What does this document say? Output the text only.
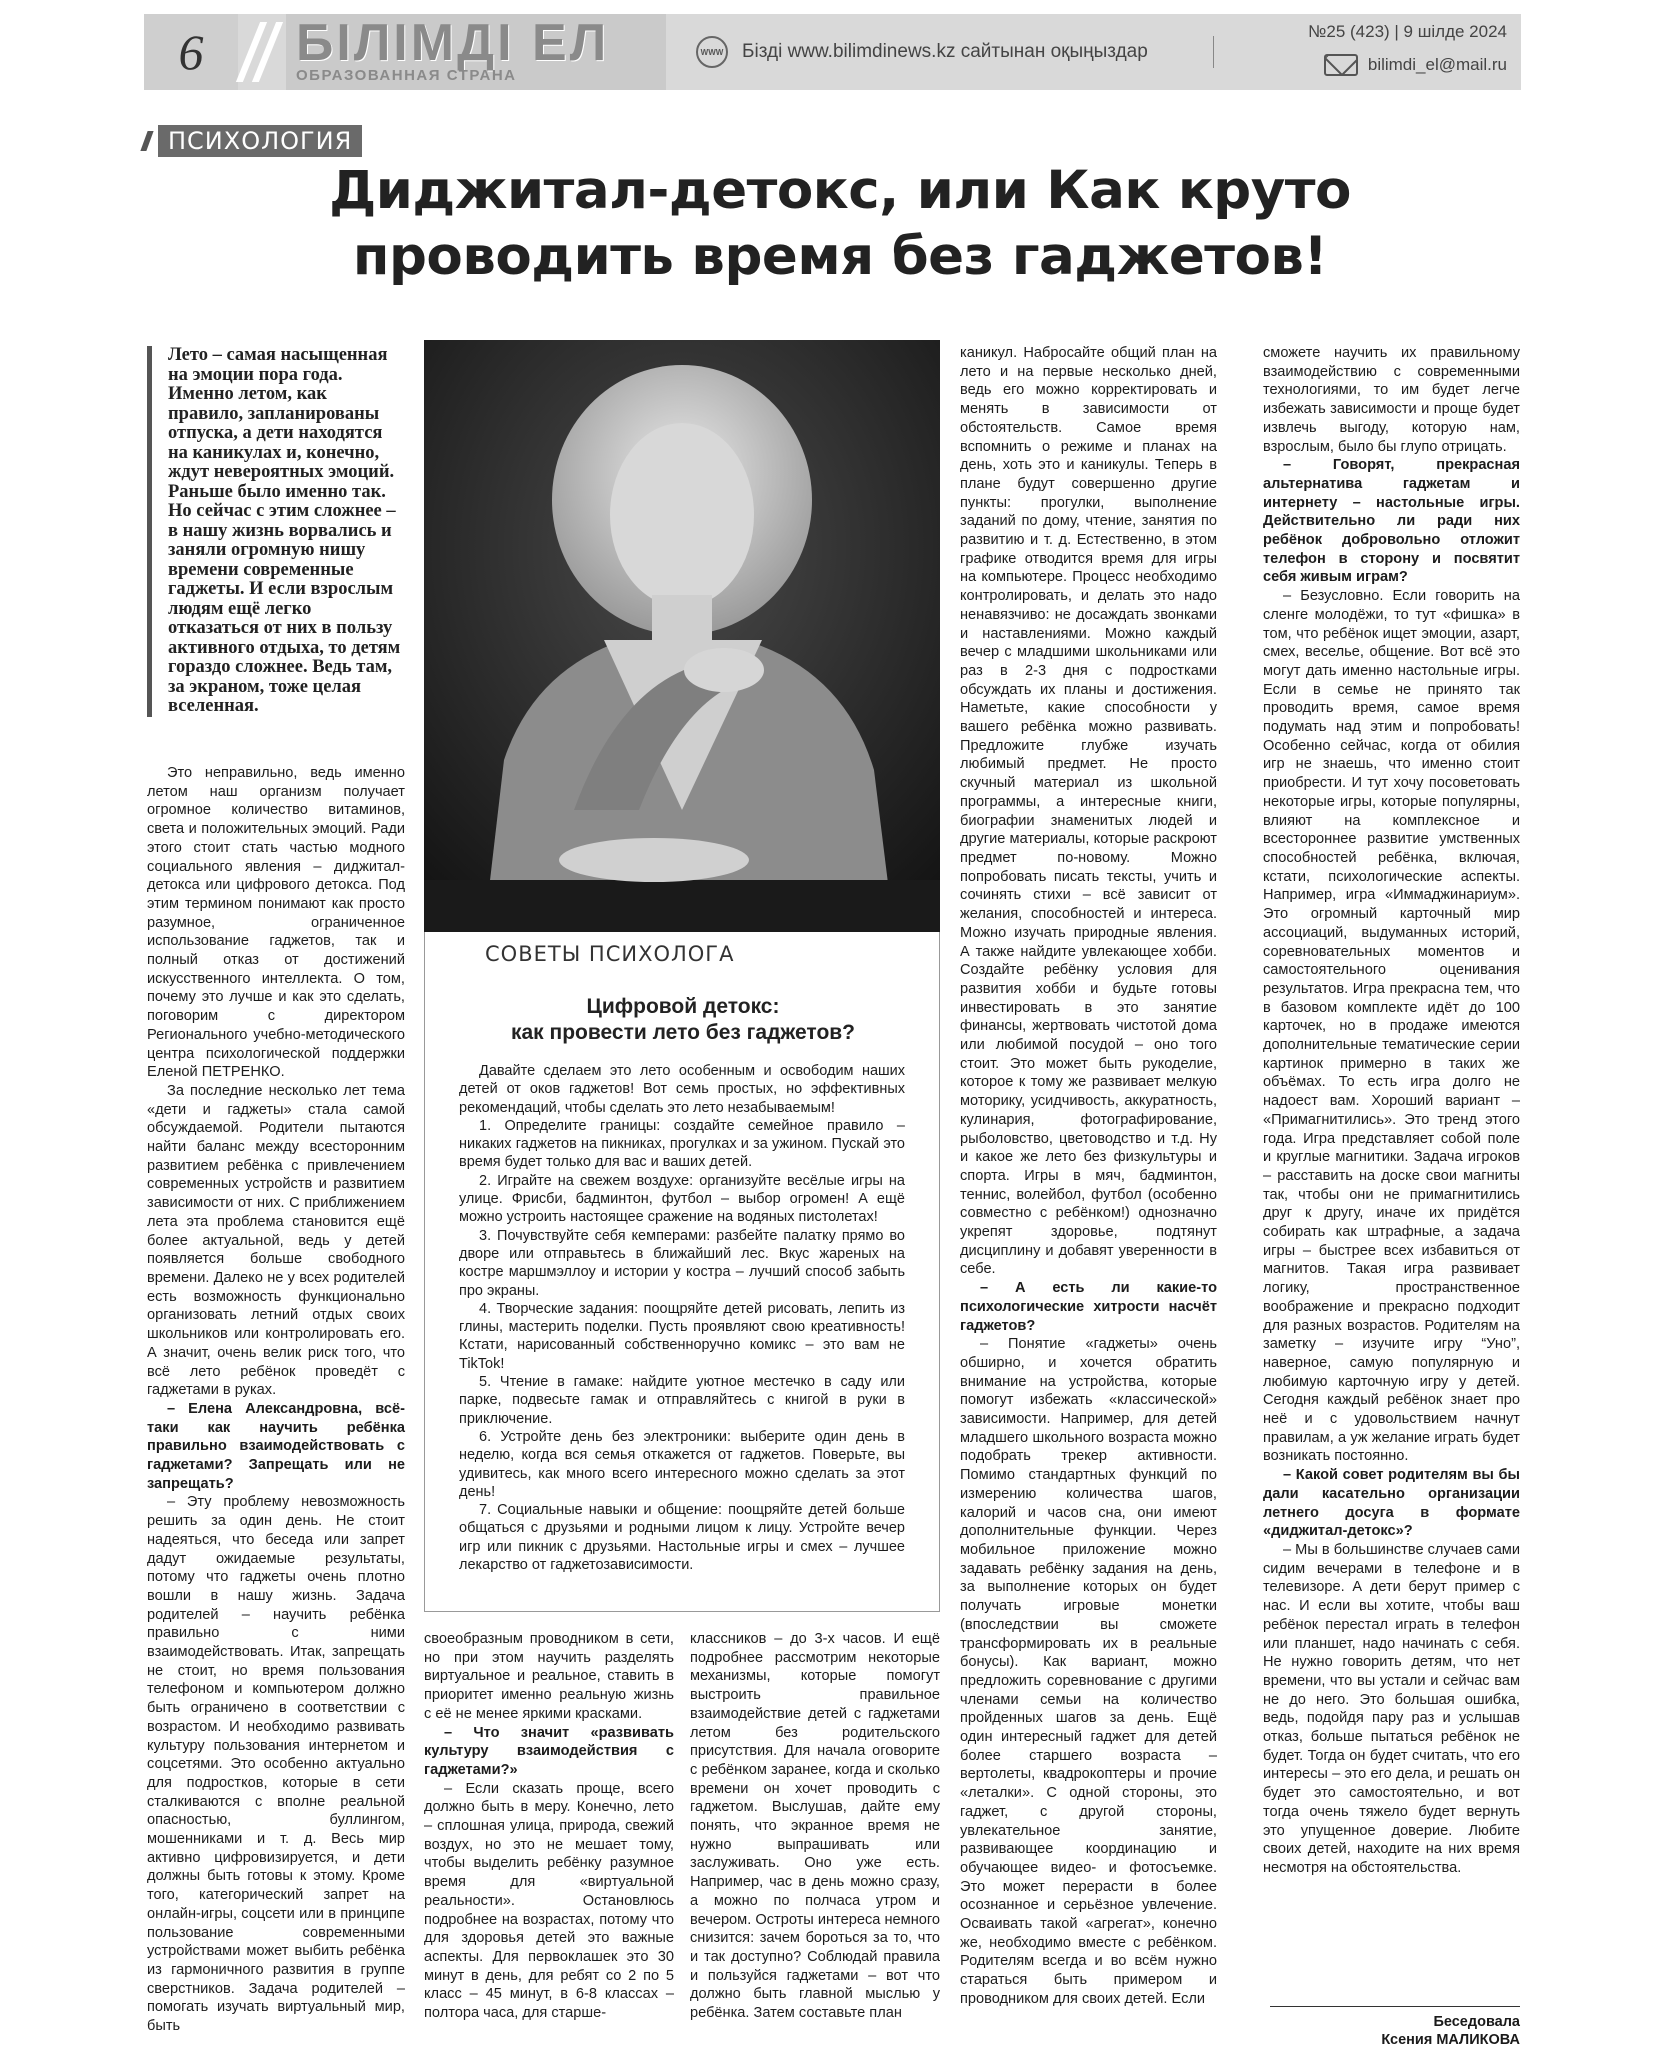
6	БІЛІМДІ ЕЛ
ОБРАЗОВАННАЯ СТРАНА
WWW Бізді www.bilimdinews.kz сайтынан оқыңыздар
№25 (423) | 9 шілде 2024
bilimdi_el@mail.ru
ПСИХОЛОГИЯ
Диджитал-детокс, или Как круто
проводить время без гаджетов!
Лето – самая насыщенная на эмоции пора года. Именно летом, как правило, запланированы отпуска, а дети находятся на каникулах и, конечно, ждут невероятных эмоций. Раньше было именно так. Но сейчас с этим сложнее – в нашу жизнь ворвались и заняли огромную нишу времени современные гаджеты. И если взрослым людям ещё легко отказаться от них в пользу активного отдыха, то детям гораздо сложнее. Ведь там, за экраном, тоже целая вселенная.

Это неправильно, ведь именно летом наш организм получает огромное количество витаминов, света и положительных эмоций. Ради этого стоит стать частью модного социального явления – диджитал-детокса или цифрового детокса. Под этим термином понимают как просто разумное, ограниченное использование гаджетов, так и полный отказ от достижений искусственного интеллекта. О том, почему это лучше и как это сделать, поговорим с директором Регионального учебно-методического центра психологической поддержки Еленой ПЕТРЕНКО.

За последние несколько лет тема «дети и гаджеты» стала самой обсуждаемой. Родители пытаются найти баланс между всесторонним развитием ребёнка с привлечением современных устройств и развитием зависимости от них. С приближением лета эта проблема становится ещё более актуальной, ведь у детей появляется больше свободного времени. Далеко не у всех родителей есть возможность функционально организовать летний отдых своих школьников или контролировать его. А значит, очень велик риск того, что всё лето ребёнок проведёт с гаджетами в руках.

– Елена Александровна, всё-таки как научить ребёнка правильно взаимодействовать с гаджетами? Запрещать или не запрещать?

– Эту проблему невозможность решить за один день. Не стоит надеяться, что беседа или запрет дадут ожидаемые результаты, потому что гаджеты очень плотно вошли в нашу жизнь. Задача родителей – научить ребёнка правильно с ними взаимодействовать. Итак, запрещать не стоит, но время пользования телефоном и компьютером должно быть ограничено в соответствии с возрастом. И необходимо развивать культуру пользования интернетом и соцсетями. Это особенно актуально для подростков, которые в сети сталкиваются с вполне реальной опасностью, буллингом, мошенниками и т. д. Весь мир активно цифровизируется, и дети должны быть готовы к этому. Кроме того, категорический запрет на онлайн-игры, соцсети или в принципе пользование современными устройствами может выбить ребёнка из гармоничного развития в группе сверстников. Задача родителей – помогать изучать виртуальный мир, быть

СОВЕТЫ ПСИХОЛОГА
Цифровой детокс:
как провести лето без гаджетов?

Давайте сделаем это лето особенным и освободим наших детей от оков гаджетов! Вот семь простых, но эффективных рекомендаций, чтобы сделать это лето незабываемым!

1. Определите границы: создайте семейное правило – никаких гаджетов на пикниках, прогулках и за ужином. Пускай это время будет только для вас и ваших детей.

2. Играйте на свежем воздухе: организуйте весёлые игры на улице. Фрисби, бадминтон, футбол – выбор огромен! А ещё можно устроить настоящее сражение на водяных пистолетах!

3. Почувствуйте себя кемперами: разбейте палатку прямо во дворе или отправьтесь в ближайший лес. Вкус жареных на костре маршмэллоу и истории у костра – лучший способ забыть про экраны.

4. Творческие задания: поощряйте детей рисовать, лепить из глины, мастерить поделки. Пусть проявляют свою креативность! Кстати, нарисованный собственноручно комикс – это вам не TikTok!

5. Чтение в гамаке: найдите уютное местечко в саду или парке, подвесьте гамак и отправляйтесь с книгой в руки в приключение.

6. Устройте день без электроники: выберите один день в неделю, когда вся семья откажется от гаджетов. Поверьте, вы удивитесь, как много всего интересного можно сделать за этот день!

7. Социальные навыки и общение: поощряйте детей больше общаться с друзьями и родными лицом к лицу. Устройте вечер игр или пикник с друзьями. Настольные игры и смех – лучшее лекарство от гаджетозависимости.

своеобразным проводником в сети, но при этом научить разделять виртуальное и реальное, ставить в приоритет именно реальную жизнь с её не менее яркими красками.

– Что значит «развивать культуру взаимодействия с гаджетами?»

– Если сказать проще, всего должно быть в меру. Конечно, лето – сплошная улица, природа, свежий воздух, но это не мешает тому, чтобы выделить ребёнку разумное время для «виртуальной реальности». Остановлюсь подробнее на возрастах, потому что для здоровья детей это важные аспекты. Для первоклашек это 30 минут в день, для ребят со 2 по 5 класс – 45 минут, в 6-8 классах – полтора часа, для старше-

классников – до 3-х часов. И ещё подробнее рассмотрим некоторые механизмы, которые помогут выстроить правильное взаимодействие детей с гаджетами летом без родительского присутствия. Для начала оговорите с ребёнком заранее, когда и сколько времени он хочет проводить с гаджетом. Выслушав, дайте ему понять, что экранное время не нужно выпрашивать или заслуживать. Оно уже есть. Например, час в день можно сразу, а можно по полчаса утром и вечером. Остроты интереса немного снизится: зачем бороться за то, что и так доступно? Соблюдай правила и пользуйся гаджетами – вот что должно быть главной мыслью у ребёнка. Затем составьте план

каникул. Набросайте общий план на лето и на первые несколько дней, ведь его можно корректировать и менять в зависимости от обстоятельств. Самое время вспомнить о режиме и планах на день, хоть это и каникулы. Теперь в плане будут совершенно другие пункты: прогулки, выполнение заданий по дому, чтение, занятия по развитию и т. д. Естественно, в этом графике отводится время для игры на компьютере. Процесс необходимо контролировать, и делать это надо ненавязчиво: не досаждать звонками и наставлениями. Можно каждый вечер с младшими школьниками или раз в 2-3 дня с подростками обсуждать их планы и достижения. Наметьте, какие способности у вашего ребёнка можно развивать. Предложите глубже изучать любимый предмет. Не просто скучный материал из школьной программы, а интересные книги, биографии знаменитых людей и другие материалы, которые раскроют предмет по-новому. Можно попробовать писать тексты, учить и сочинять стихи – всё зависит от желания, способностей и интереса. Можно изучать природные явления. А также найдите увлекающее хобби. Создайте ребёнку условия для развития хобби и будьте готовы инвестировать в это занятие финансы, жертвовать чистотой дома или любимой посудой – оно того стоит. Это может быть рукоделие, которое к тому же развивает мелкую моторику, усидчивость, аккуратность, кулинария, фотографирование, рыболовство, цветоводство и т.д. Ну и какое же лето без физкультуры и спорта. Игры в мяч, бадминтон, теннис, волейбол, футбол (особенно совместно с ребёнком!) однозначно укрепят здоровье, подтянут дисциплину и добавят уверенности в себе.

– А есть ли какие-то психологические хитрости насчёт гаджетов?

– Понятие «гаджеты» очень обширно, и хочется обратить внимание на устройства, которые помогут избежать «классической» зависимости. Например, для детей младшего школьного возраста можно подобрать трекер активности. Помимо стандартных функций по измерению количества шагов, калорий и часов сна, они имеют дополнительные функции. Через мобильное приложение можно задавать ребёнку задания на день, за выполнение которых он будет получать игровые монетки (впоследствии вы сможете трансформировать их в реальные бонусы). Как вариант, можно предложить соревнование с другими членами семьи на количество пройденных шагов за день. Ещё один интересный гаджет для детей более старшего возраста – вертолеты, квадрокоптеры и прочие «леталки». С одной стороны, это гаджет, с другой стороны, увлекательное занятие, развивающее координацию и обучающее видео- и фотосъемке. Это может перерасти в более осознанное и серьёзное увлечение. Осваивать такой «агрегат», конечно же, необходимо вместе с ребёнком. Родителям всегда и во всём нужно стараться быть примером и проводником для своих детей. Если

сможете научить их правильному взаимодействию с современными технологиями, то им будет легче избежать зависимости и проще будет извлечь выгоду, которую нам, взрослым, было бы глупо отрицать.

– Говорят, прекрасная альтернатива гаджетам и интернету – настольные игры. Действительно ли ради них ребёнок добровольно отложит телефон в сторону и посвятит себя живым играм?

– Безусловно. Если говорить на сленге молодёжи, то тут «фишка» в том, что ребёнок ищет эмоции, азарт, смех, веселье, общение. Вот всё это могут дать именно настольные игры. Если в семье не принято так проводить время, самое время подумать над этим и попробовать! Особенно сейчас, когда от обилия игр не знаешь, что именно стоит приобрести. И тут хочу посоветовать некоторые игры, которые популярны, влияют на комплексное и всестороннее развитие умственных способностей ребёнка, включая, кстати, психологические аспекты. Например, игра «Иммаджинариум». Это огромный карточный мир ассоциаций, выдуманных историй, соревновательных моментов и самостоятельного оценивания результатов. Игра прекрасна тем, что в базовом комплекте идёт до 100 карточек, но в продаже имеются дополнительные тематические серии картинок примерно в таких же объёмах. То есть игра долго не надоест вам. Хороший вариант – «Примагнитились». Это тренд этого года. Игра представляет собой поле и круглые магнитики. Задача игроков – расставить на доске свои магниты так, чтобы они не примагнитились друг к другу, иначе их придётся собирать как штрафные, а задача игры – быстрее всех избавиться от магнитов. Такая игра развивает логику, пространственное воображение и прекрасно подходит для разных возрастов. Родителям на заметку – изучите игру “Уно”, наверное, самую популярную и любимую карточную игру у детей. Сегодня каждый ребёнок знает про неё и с удовольствием начнут правилам, а уж желание играть будет возникать постоянно.

– Какой совет родителям вы бы дали касательно организации летнего досуга в формате «диджитал-детокс»?

– Мы в большинстве случаев сами сидим вечерами в телефоне и в телевизоре. А дети берут пример с нас. И если вы хотите, чтобы ваш ребёнок перестал играть в телефон или планшет, надо начинать с себя. Не нужно говорить детям, что нет времени, что вы устали и сейчас вам не до него. Это большая ошибка, ведь, подойдя пару раз и услышав отказ, больше пытаться ребёнок не будет. Тогда он будет считать, что его интересы – это его дела, и решать он будет это самостоятельно, и вот тогда очень тяжело будет вернуть это упущенное доверие. Любите своих детей, находите на них время несмотря на обстоятельства.

Беседовала
Ксения МАЛИКОВА
